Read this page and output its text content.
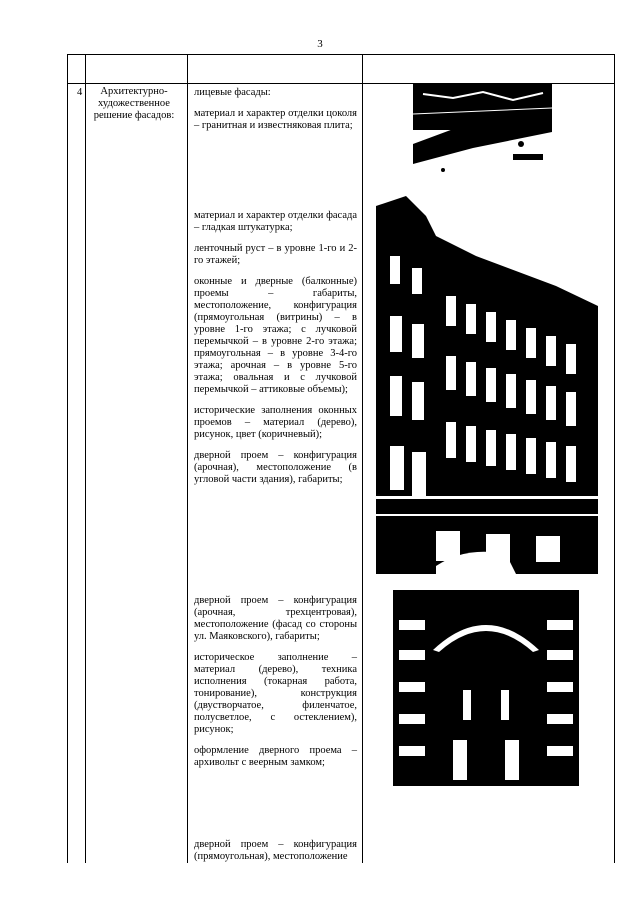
3
4	Архитектурно-художественное решение фасадов:

лицевые фасады:

материал и характер отделки цоколя – гранитная и известняковая плита;

материал и характер отделки фасада – гладкая штукатурка;

ленточный руст – в уровне 1-го и 2-го этажей;

оконные и дверные (балконные) проемы – габариты, местоположение, конфигурация (прямоугольная (витрины) – в уровне 1-го этажа; с лучковой перемычкой – в уровне 2-го этажа; прямоугольная – в уровне 3-4-го этажа; арочная – в уровне 5-го этажа; овальная и с лучковой перемычкой – аттиковые объемы);

исторические заполнения оконных проемов – материал (дерево), рисунок, цвет (коричневый);

дверной проем – конфигурация (арочная), местоположение (в угловой части здания), габариты;

дверной проем – конфигурация (арочная, трехцентровая), местоположение (фасад со стороны ул. Маяковского), габариты;

историческое заполнение – материал (дерево), техника исполнения (токарная работа, тонирование), конструкция (двустворчатое, филенчатое, полусветлое, с остеклением), рисунок;

оформление дверного проема – архивольт с веерным замком;

дверной проем – конфигурация (прямоугольная), местоположение
